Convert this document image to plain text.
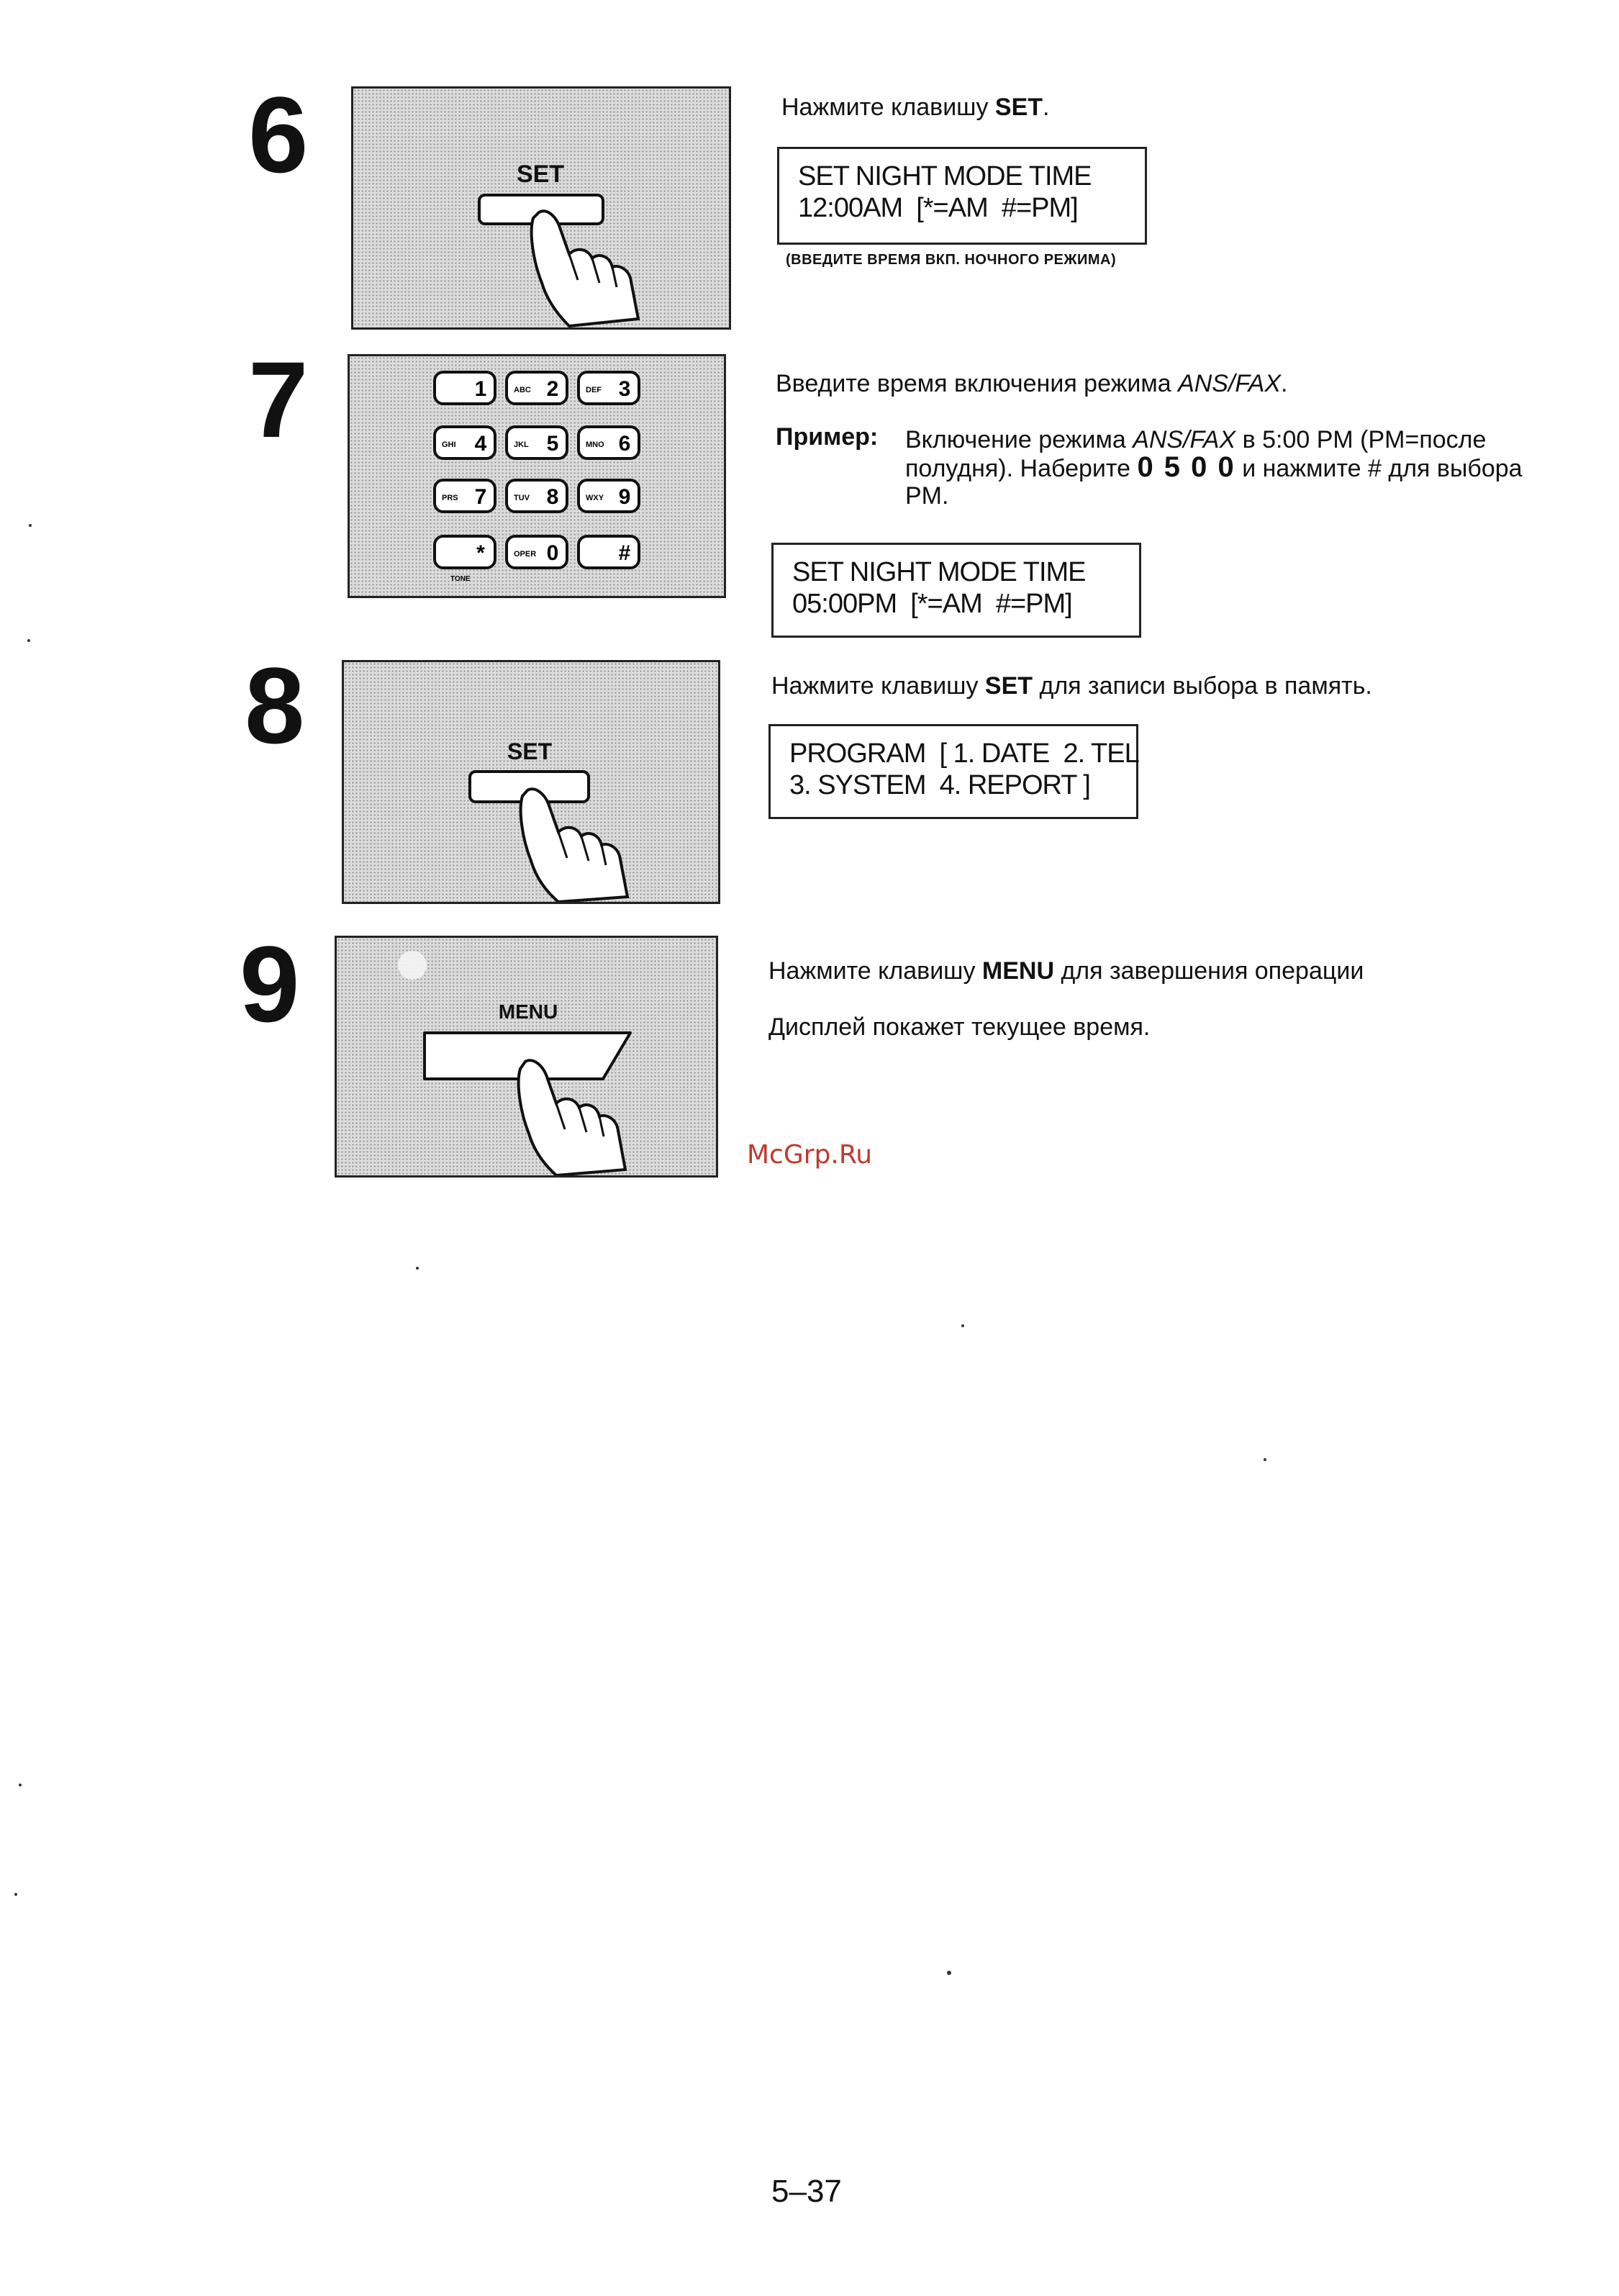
6	SET
Нажмите клавишу SET.
SET NIGHT MODE TIME
12:00AM  [*=AM  #=PM]
(ВВЕДИТЕ ВРЕМЯ ВКП. НОЧНОГО РЕЖИМА)
7	1	ABC 2	DEF 3
GHI 4	JKL 5	MNO 6
PRS 7	TUV 8	WXY 9
*	OPER 0	#
TONE
Введите время включения режима ANS/FAX.
Пример: Включение режима ANS/FAX в 5:00 PM (PM=после полудня). Наберите 0 5 0 0 и нажмите # для выбора PM.
SET NIGHT MODE TIME
05:00PM  [*=AM  #=PM]
8	SET
Нажмите клавишу SET для записи выбора в память.
PROGRAM  [ 1. DATE  2. TEL
3. SYSTEM  4. REPORT ]
9	MENU
Нажмите клавишу MENU для завершения операции
Дисплей покажет текущее время.
McGrp.Ru
5–37
